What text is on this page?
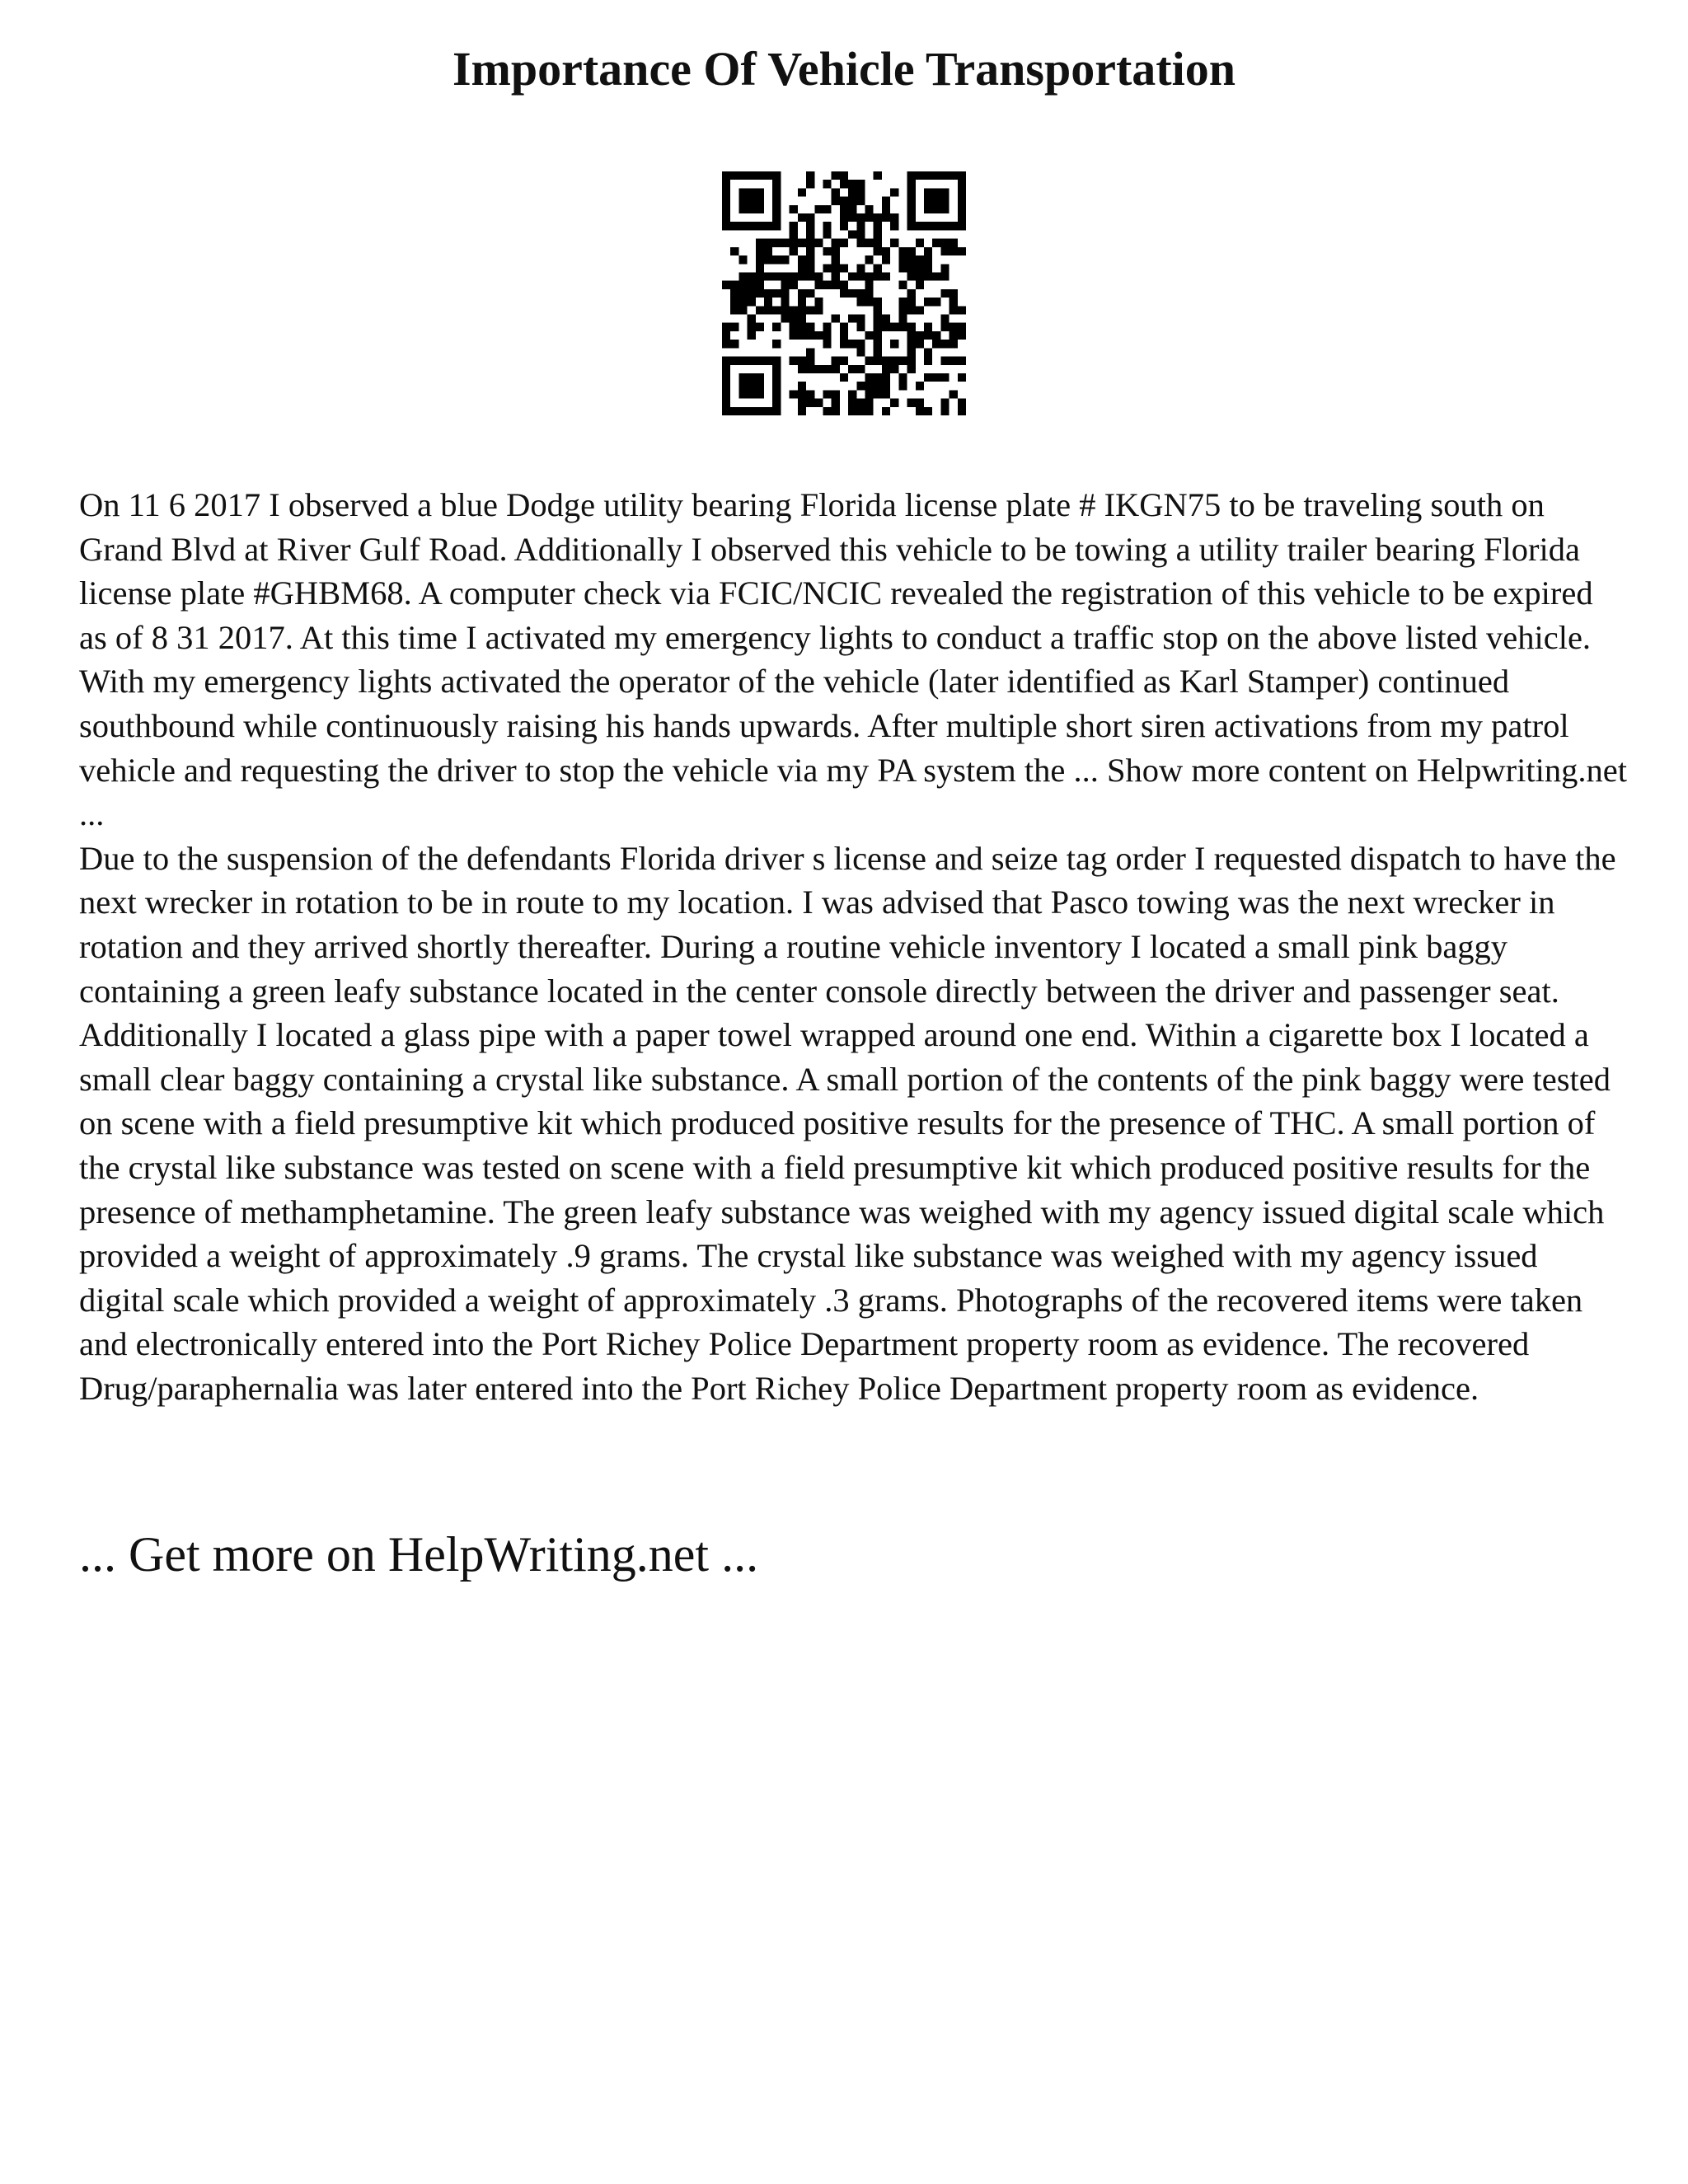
Importance Of Vehicle Transportation

On 11 6 2017 I observed a blue Dodge utility bearing Florida license plate # IKGN75 to be traveling south on Grand Blvd at River Gulf Road. Additionally I observed this vehicle to be towing a utility trailer bearing Florida license plate #GHBM68. A computer check via FCIC/NCIC revealed the registration of this vehicle to be expired as of 8 31 2017. At this time I activated my emergency lights to conduct a traffic stop on the above listed vehicle. With my emergency lights activated the operator of the vehicle (later identified as Karl Stamper) continued southbound while continuously raising his hands upwards. After multiple short siren activations from my patrol vehicle and requesting the driver to stop the vehicle via my PA system the ... Show more content on Helpwriting.net ...

Due to the suspension of the defendants Florida driver s license and seize tag order I requested dispatch to have the next wrecker in rotation to be in route to my location. I was advised that Pasco towing was the next wrecker in rotation and they arrived shortly thereafter. During a routine vehicle inventory I located a small pink baggy containing a green leafy substance located in the center console directly between the driver and passenger seat. Additionally I located a glass pipe with a paper towel wrapped around one end. Within a cigarette box I located a small clear baggy containing a crystal like substance. A small portion of the contents of the pink baggy were tested on scene with a field presumptive kit which produced positive results for the presence of THC. A small portion of the crystal like substance was tested on scene with a field presumptive kit which produced positive results for the presence of methamphetamine. The green leafy substance was weighed with my agency issued digital scale which provided a weight of approximately .9 grams. The crystal like substance was weighed with my agency issued digital scale which provided a weight of approximately .3 grams. Photographs of the recovered items were taken and electronically entered into the Port Richey Police Department property room as evidence. The recovered Drug/paraphernalia was later entered into the Port Richey Police Department property room as evidence.

... Get more on HelpWriting.net ...
